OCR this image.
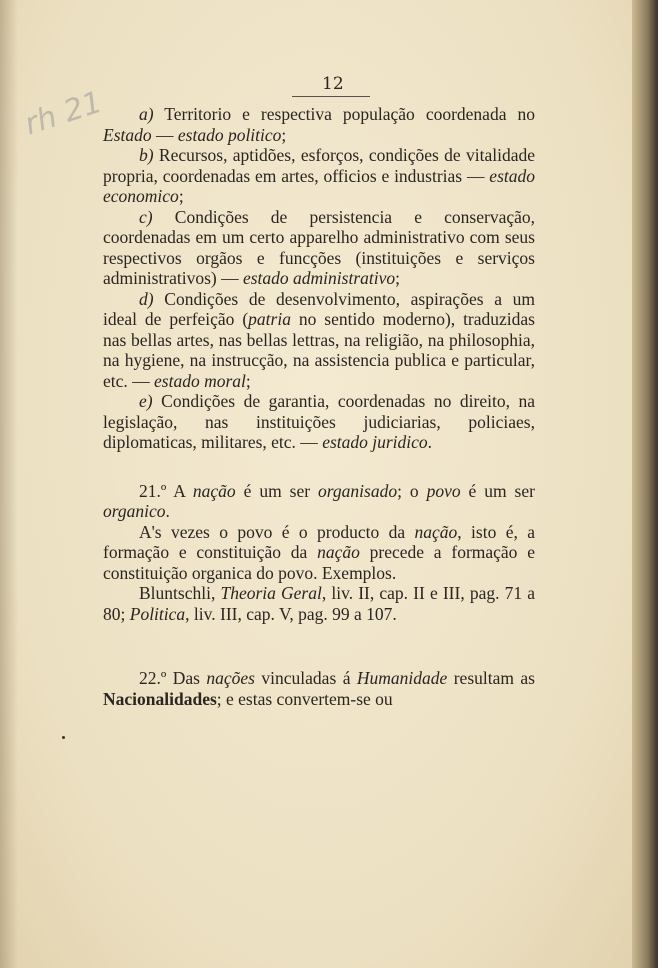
rh 21
12

a) Territorio e respectiva população coordenada no Estado — estado politico;

b) Recursos, aptidões, esforços, condições de vitalidade propria, coordenadas em artes, officios e industrias — estado economico;

c) Condições de persistencia e conservação, coordenadas em um certo apparelho administrativo com seus respectivos orgãos e funcções (instituições e serviços administrativos) — estado administrativo;

d) Condições de desenvolvimento, aspirações a um ideal de perfeição (patria no sentido moderno), traduzidas nas bellas artes, nas bellas lettras, na religião, na philosophia, na hygiene, na instrucção, na assistencia publica e particular, etc. — estado moral;

e) Condições de garantia, coordenadas no direito, na legislação, nas instituições judiciarias, policiaes, diplomaticas, militares, etc. — estado juridico.

21.º A nação é um ser organisado; o povo é um ser organico.

A's vezes o povo é o producto da nação, isto é, a formação e constituição da nação precede a formação e constituição organica do povo. Exemplos.

Bluntschli, Theoria Geral, liv. II, cap. II e III, pag. 71 a 80; Politica, liv. III, cap. V, pag. 99 a 107.

22.º Das nações vinculadas á Humanidade resultam as Nacionalidades; e estas convertem-se ou
